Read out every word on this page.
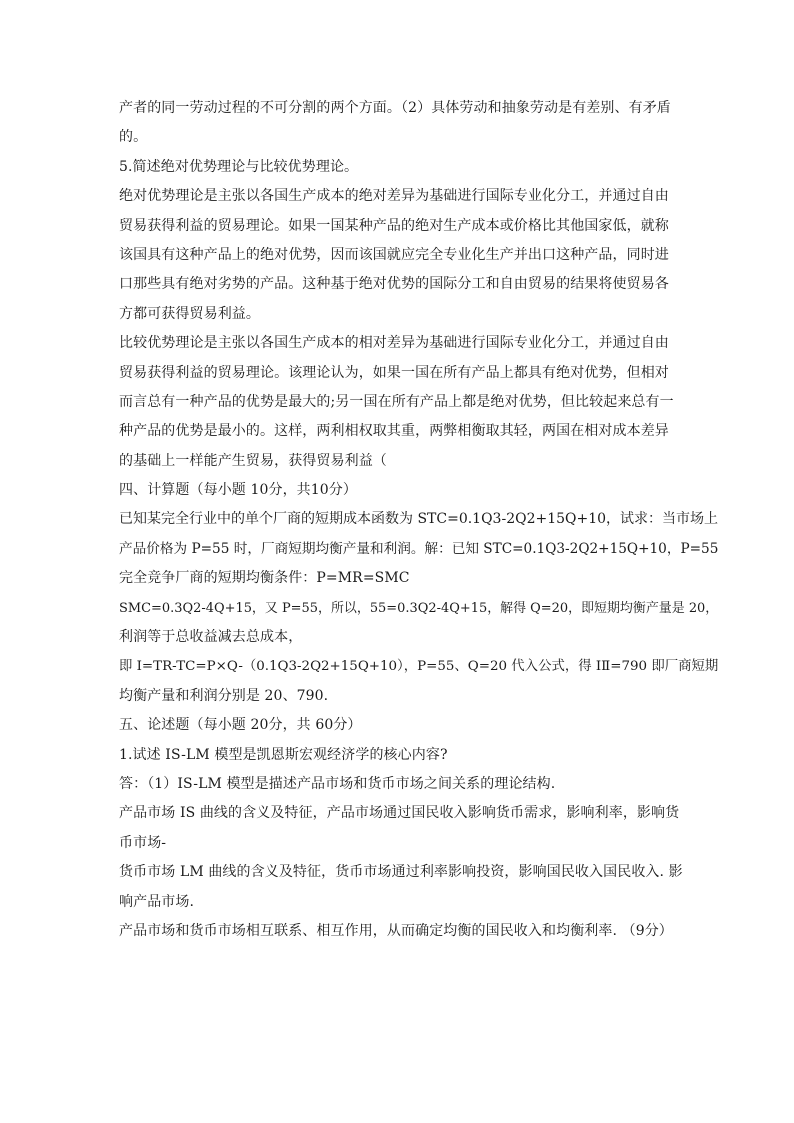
产者的同一劳动过程的不可分割的两个方面。（2）具体劳动和抽象劳动是有差别、有矛盾
的。
5.简述绝对优势理论与比较优势理论。
绝对优势理论是主张以各国生产成本的绝对差异为基础进行国际专业化分工，并通过自由
贸易获得利益的贸易理论。如果一国某种产品的绝对生产成本或价格比其他国家低，就称
该国具有这种产品上的绝对优势，因而该国就应完全专业化生产并出口这种产品，同时进
口那些具有绝对劣势的产品。这种基于绝对优势的国际分工和自由贸易的结果将使贸易各
方都可获得贸易利益。
比较优势理论是主张以各国生产成本的相对差异为基础进行国际专业化分工，并通过自由
贸易获得利益的贸易理论。该理论认为，如果一国在所有产品上都具有绝对优势，但相对
而言总有一种产品的优势是最大的;另一国在所有产品上都是绝对优势，但比较起来总有一
种产品的优势是最小的。这样，两利相权取其重，两弊相衡取其轻，两国在相对成本差异
的基础上一样能产生贸易，获得贸易利益（
四、计算题（每小题 10分，共10分）
已知某完全行业中的单个厂商的短期成本函数为 STC=0.1Q3-2Q2+15Q+10，试求：当市场上
产品价格为 P=55 时，厂商短期均衡产量和利润。解：已知 STC=0.1Q3-2Q2+15Q+10，P=55
完全竞争厂商的短期均衡条件：P=MR=SMC
SMC=0.3Q2-4Q+15，又 P=55，所以，55=0.3Q2-4Q+15，解得 Q=20，即短期均衡产量是 20，
利润等于总收益减去总成本，
即 I=TR-TC=P×Q-（0.1Q3-2Q2+15Q+10），P=55、Q=20 代入公式，得 IⅡ=790 即厂商短期
均衡产量和利润分别是 20、790.
五、论述题（每小题 20分，共 60分）
1.试述 IS-LM 模型是凯恩斯宏观经济学的核心内容?
答：（1）IS-LM 模型是描述产品市场和货币市场之间关系的理论结构.
产品市场 IS 曲线的含义及特征，产品市场通过国民收入影响货币需求，影响利率，影响货
币市场-
货币市场 LM 曲线的含义及特征，货币市场通过利率影响投资，影响国民收入国民收入. 影
响产品市场.
产品市场和货币市场相互联系、相互作用，从而确定均衡的国民收入和均衡利率. （9分）
